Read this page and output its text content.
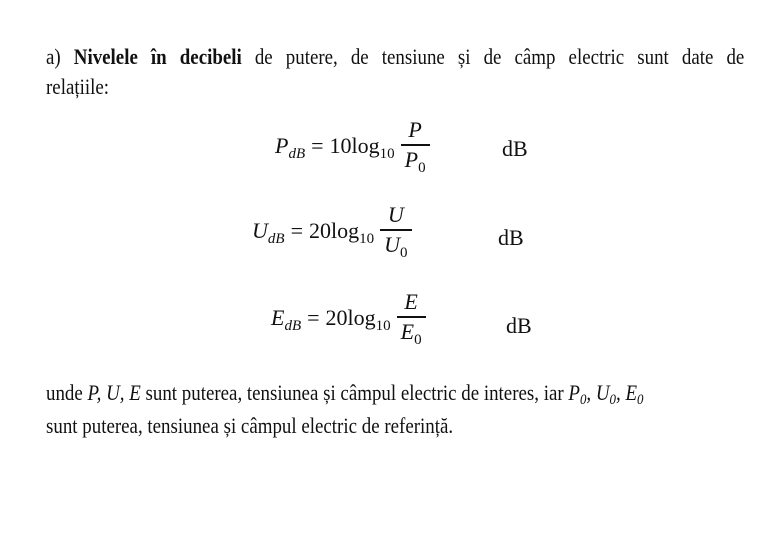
a) Nivelele în decibeli de putere, de tensiune și de câmp electric sunt date de
relațiile:
P dB = $10\log_{10} \frac{P}{P_0}$	dB
U dB = $20\log_{10} \frac{U}{U_0}$	dB
E dB = $20\log_{10} \frac{E}{E_0}$	dB
unde P, U, E sunt puterea, tensiunea și câmpul electric de interes, iar P0, U0, E0
sunt puterea, tensiunea și câmpul electric de referință.
